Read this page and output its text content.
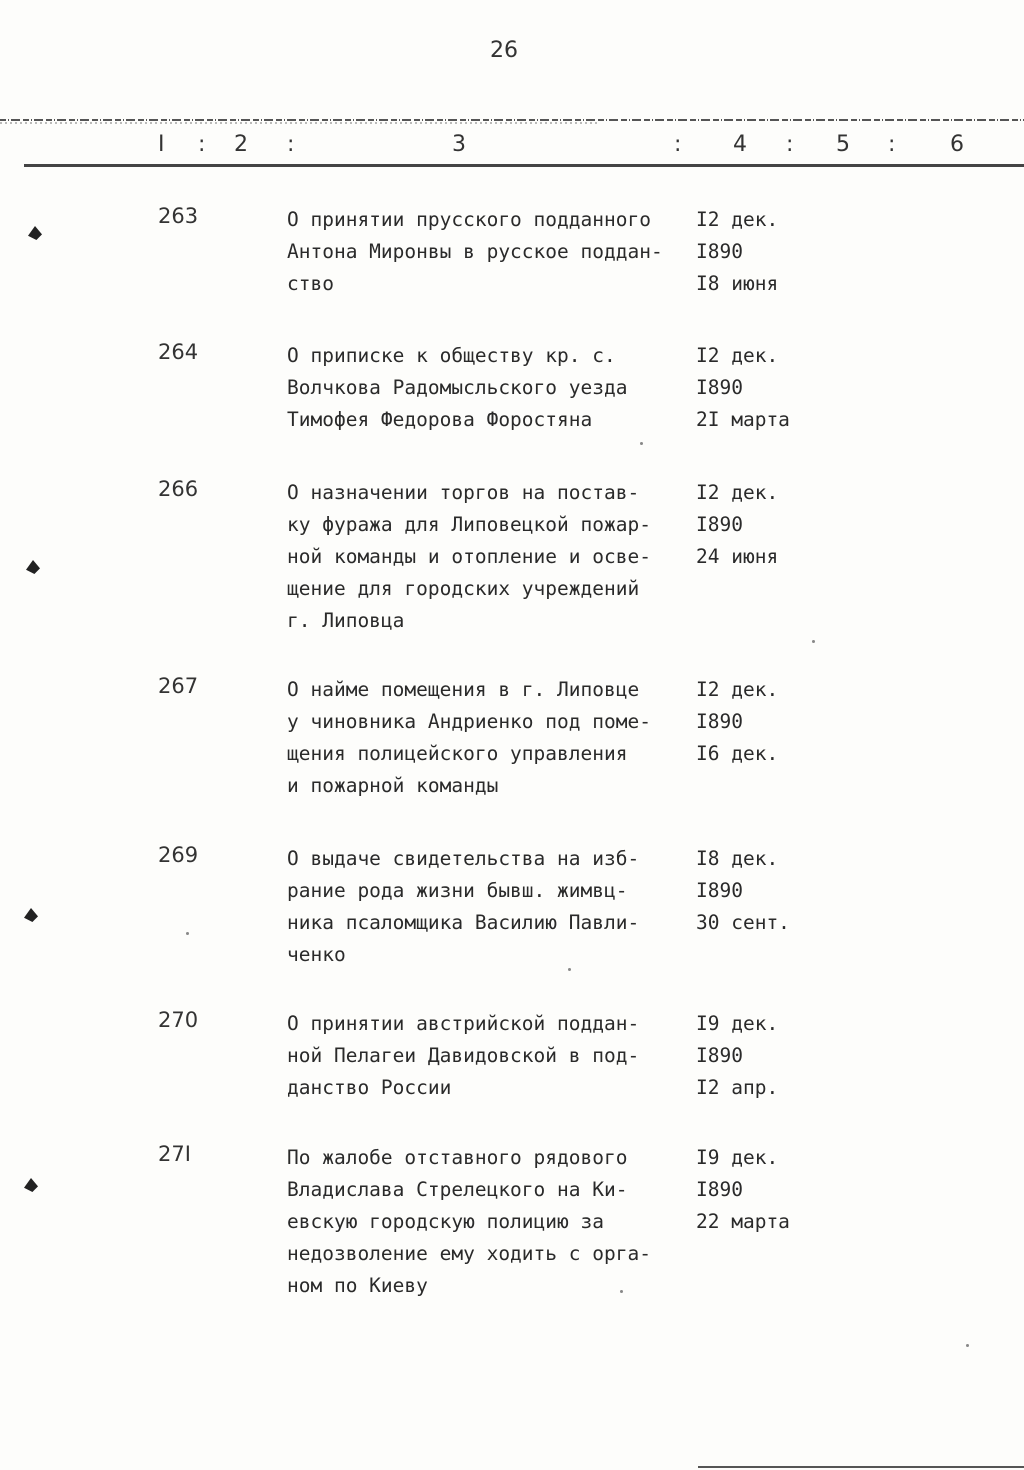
26
I : 2 :	3	: 4 : 5 : 6
263	О принятии прусского подданного
Антона Миронвы в русское поддан-
ство
I2 дек.
I890
I8 июня
264	О приписке к обществу кр. с.
Волчкова Радомысльского уезда
Тимофея Федорова Форостяна
I2 дек.
I890
2I марта
266	О назначении торгов на постав-
ку фуража для Липовецкой пожар-
ной команды и отопление и осве-
щение для городских учреждений
г. Липовца
I2 дек.
I890
24 июня
267	О найме помещения в г. Липовце
у чиновника Андриенко под поме-
щения полицейского управления
и пожарной команды
I2 дек.
I890
I6 дек.
269	О выдаче свидетельства на изб-
рание рода жизни бывш. жимвц-
ника псаломщика Василию Павли-
ченко
I8 дек.
I890
30 сент.
270	О принятии австрийской поддан-
ной Пелагеи Давидовской в под-
данство России
I9 дек.
I890
I2 апр.
27I	По жалобе отставного рядового
Владислава Стрелецкого на Ки-
евскую городскую полицию за
недозволение ему ходить с орга-
ном по Киеву
I9 дек.
I890
22 марта
